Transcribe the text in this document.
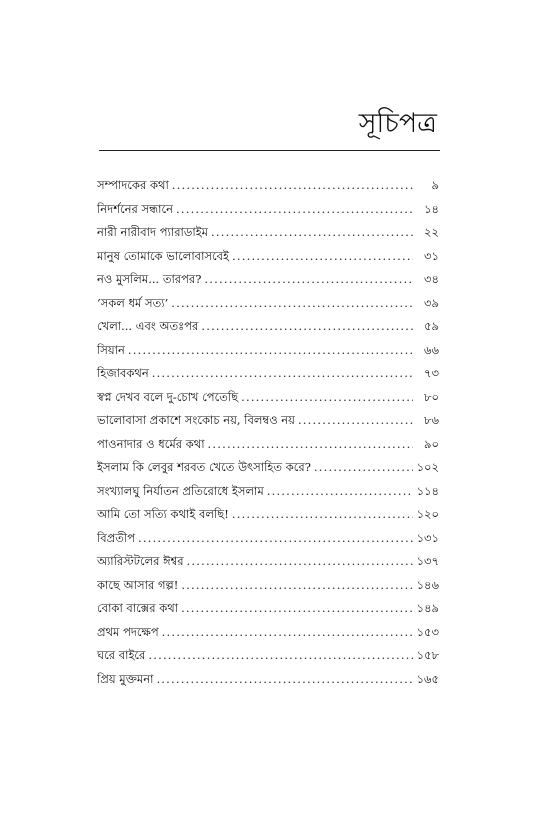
সূচিপত্র
সম্পাদকের কথা .....	৯
নিদর্শনের সন্ধানে .....	১৪
নারী নারীবাদ প্যারাডাইম .....	২২
মানুষ তোমাকে ভালোবাসবেই .....	৩১
নও মুসলিম... তারপর? .....	৩৪
‘সকল ধর্ম সত্য’ .....	৩৯
খেলা... এবং অতঃপর .....	৫৯
সিয়ান .....	৬৬
হিজাবকথন .....	৭৩
স্বপ্ন দেখব বলে দু-চোখ পেতেছি .....	৮০
ভালোবাসা প্রকাশে সংকোচ নয়, বিলম্বও নয় .....	৮৬
পাওনাদার ও ধর্মের কথা .....	৯০
ইসলাম কি লেবুর শরবত খেতে উৎসাহিত করে? .....	১০২
সংখ্যালঘু নির্যাতন প্রতিরোধে ইসলাম .....	১১৪
আমি তো সত্যি কথাই বলছি! .....	১২০
বিপ্রতীপ .....	১৩১
অ্যারিস্টটলের ঈশ্বর .....	১৩৭
কাছে আসার গল্প! .....	১৪৬
বোকা বাক্সের কথা .....	১৪৯
প্রথম পদক্ষেপ .....	১৫৩
ঘরে বাইরে .....	১৫৮
প্রিয় মুক্তমনা .....	১৬৫
